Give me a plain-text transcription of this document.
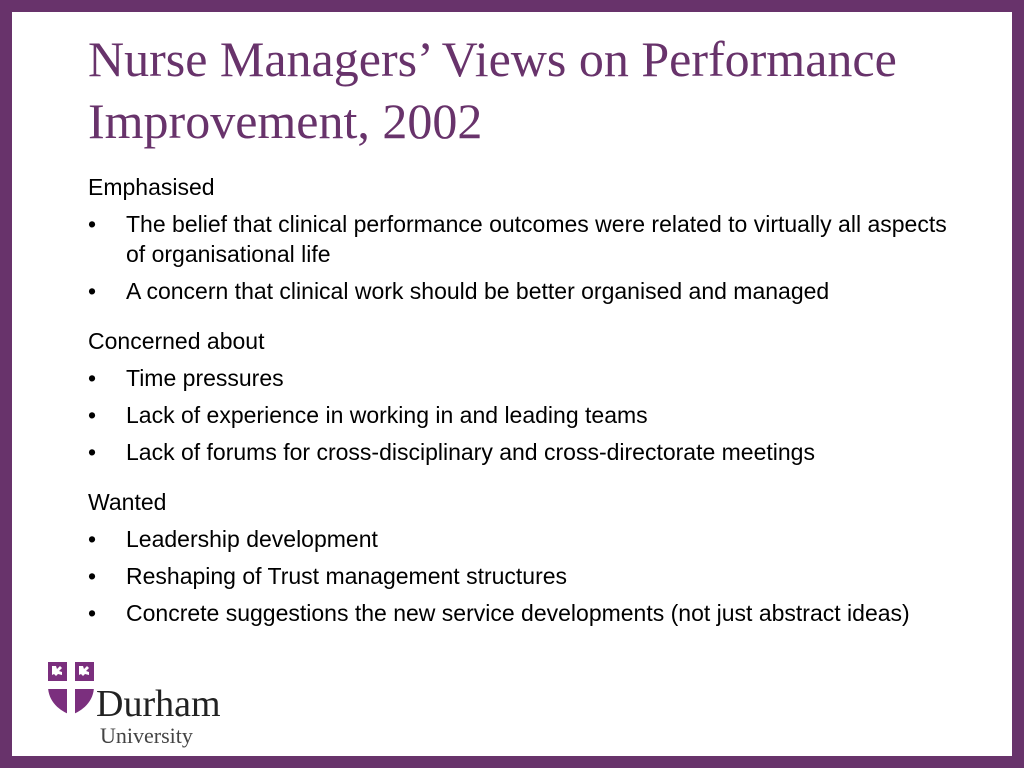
Nurse Managers’ Views on Performance Improvement, 2002
Emphasised
•	The belief that clinical performance outcomes were related to virtually all aspects of organisational life
•	A concern that clinical work should be better organised and managed
Concerned about
•	Time pressures
•	Lack of experience in working in and leading teams
•	Lack of forums for cross-disciplinary and cross-directorate meetings
Wanted
•	Leadership development
•	Reshaping of Trust management structures
•	Concrete suggestions the new service developments (not just abstract ideas)
Durham
University
